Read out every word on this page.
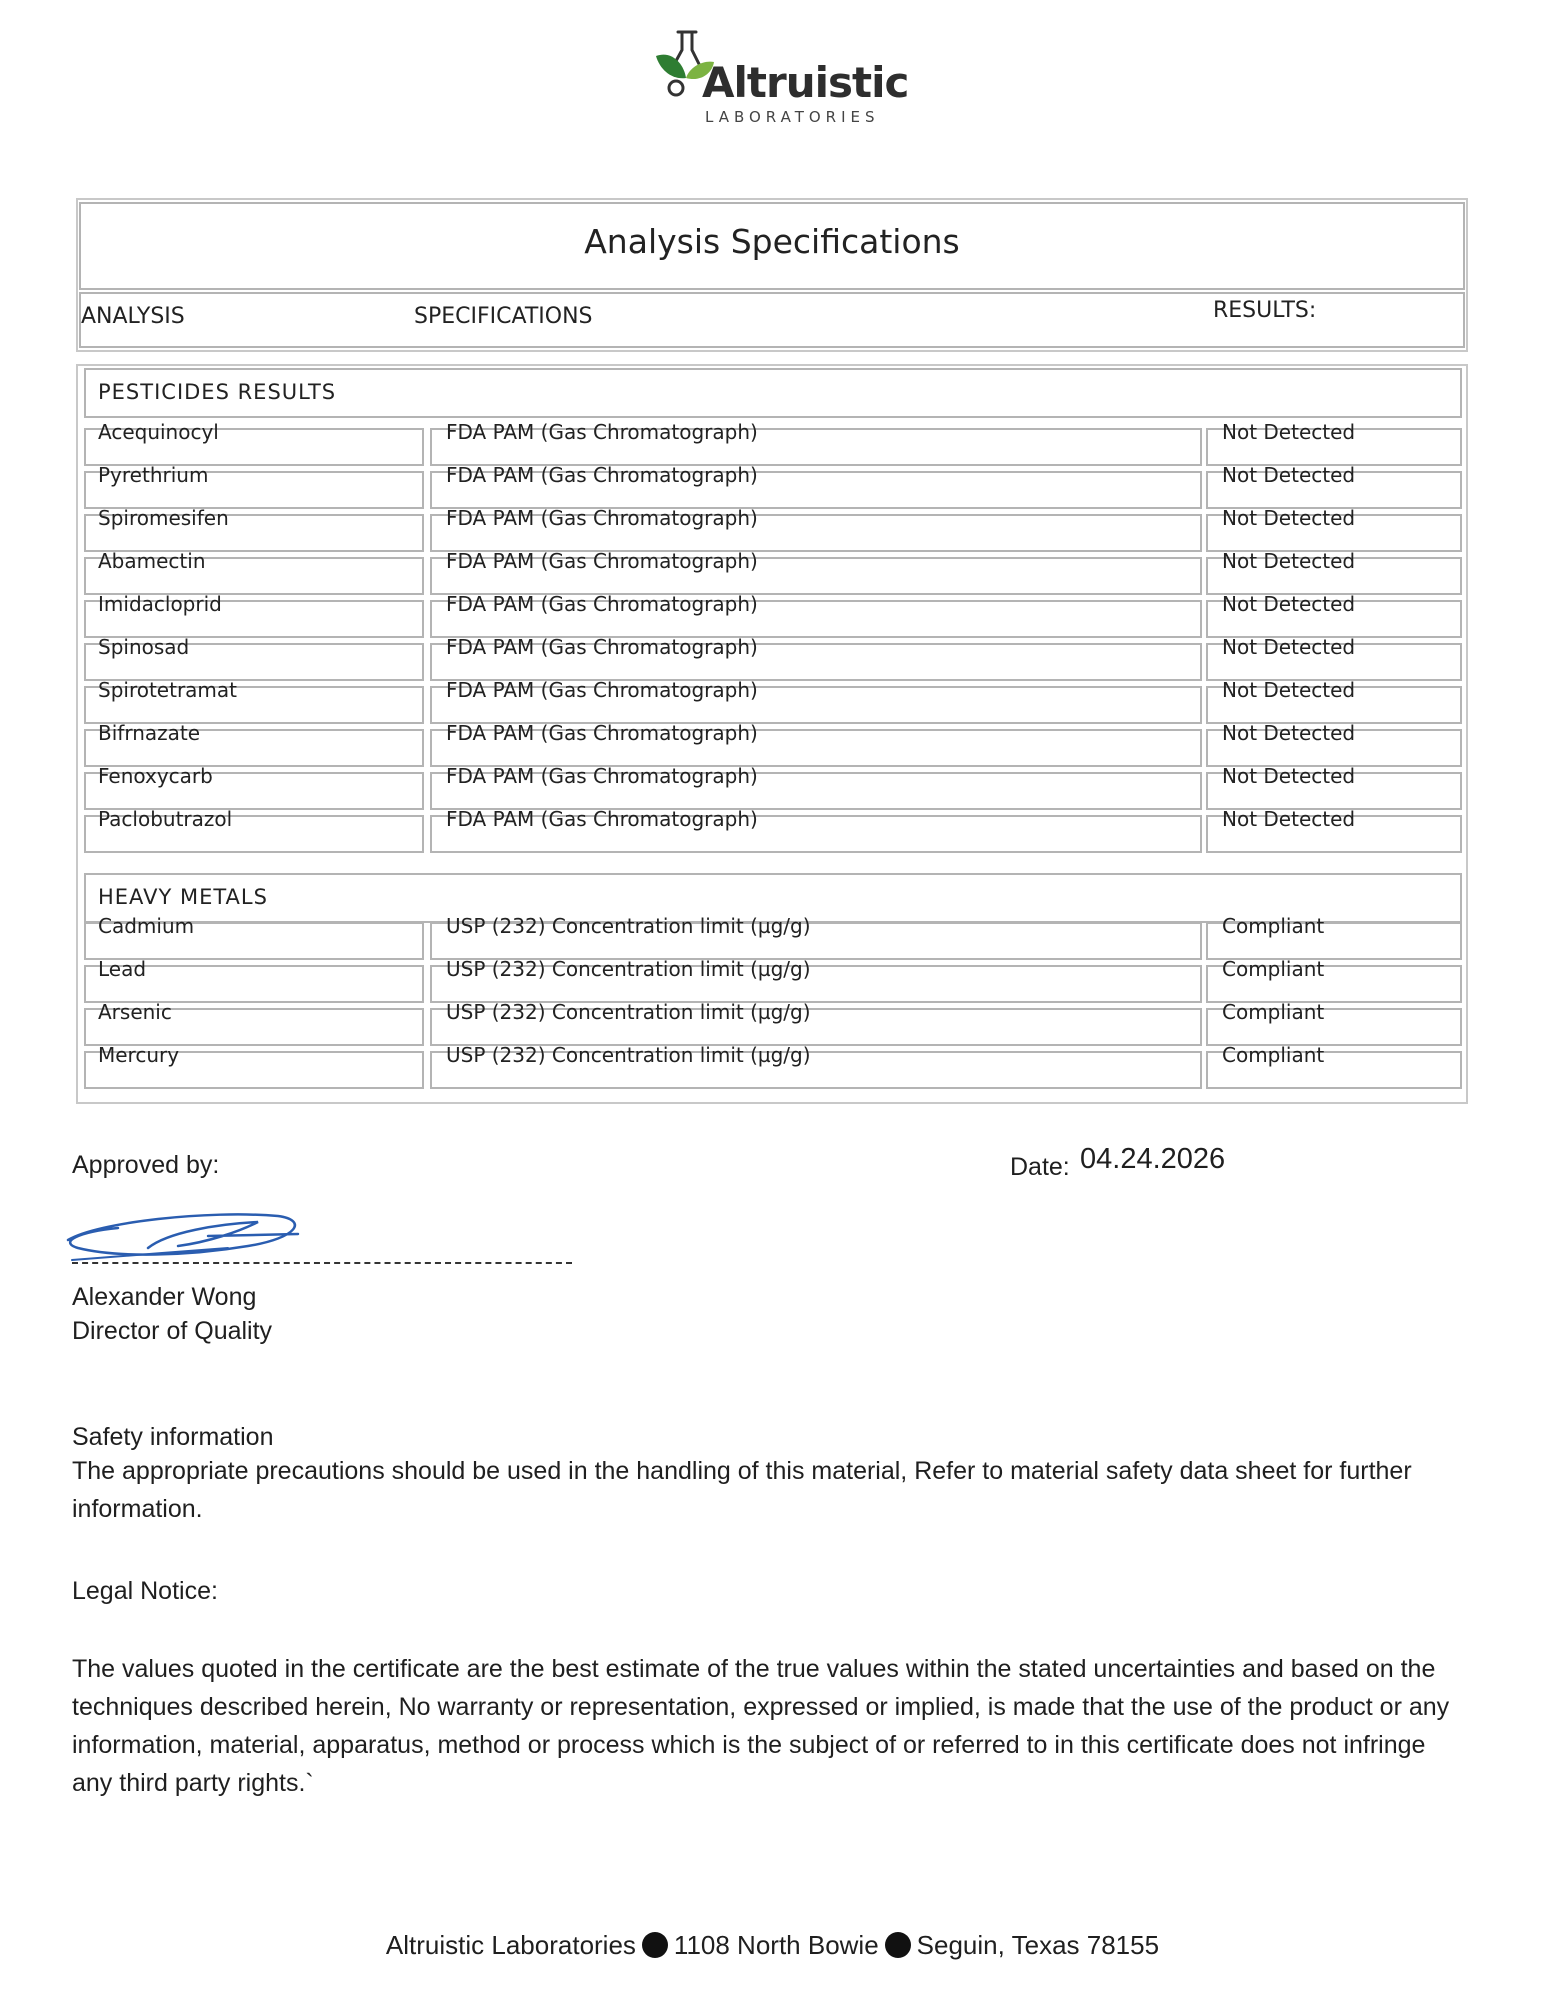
Altruistic
LABORATORIES
Analysis Specifications
ANALYSIS	SPECIFICATIONS	RESULTS:
PESTICIDES RESULTS
Acequinocyl	FDA PAM (Gas Chromatograph)	Not Detected
Pyrethrium	FDA PAM (Gas Chromatograph)	Not Detected
Spiromesifen	FDA PAM (Gas Chromatograph)	Not Detected
Abamectin	FDA PAM (Gas Chromatograph)	Not Detected
Imidacloprid	FDA PAM (Gas Chromatograph)	Not Detected
Spinosad	FDA PAM (Gas Chromatograph)	Not Detected
Spirotetramat	FDA PAM (Gas Chromatograph)	Not Detected
Bifrnazate	FDA PAM (Gas Chromatograph)	Not Detected
Fenoxycarb	FDA PAM (Gas Chromatograph)	Not Detected
Paclobutrazol	FDA PAM (Gas Chromatograph)	Not Detected
HEAVY METALS
Cadmium	USP (232) Concentration limit (µg/g)	Compliant
Lead	USP (232) Concentration limit (µg/g)	Compliant
Arsenic	USP (232) Concentration limit (µg/g)	Compliant
Mercury	USP (232) Concentration limit (µg/g)	Compliant
Approved by:	Date: 04.24.2026
Alexander Wong
Director of Quality
Safety information
The appropriate precautions should be used in the handling of this material, Refer to material safety data sheet for further information.
Legal Notice:
The values quoted in the certificate are the best estimate of the true values within the stated uncertainties and based on the techniques described herein, No warranty or representation, expressed or implied, is made that the use of the product or any information, material, apparatus, method or process which is the subject of or referred to in this certificate does not infringe any third party rights.`
Altruistic Laboratories 1108 North Bowie Seguin, Texas 78155
